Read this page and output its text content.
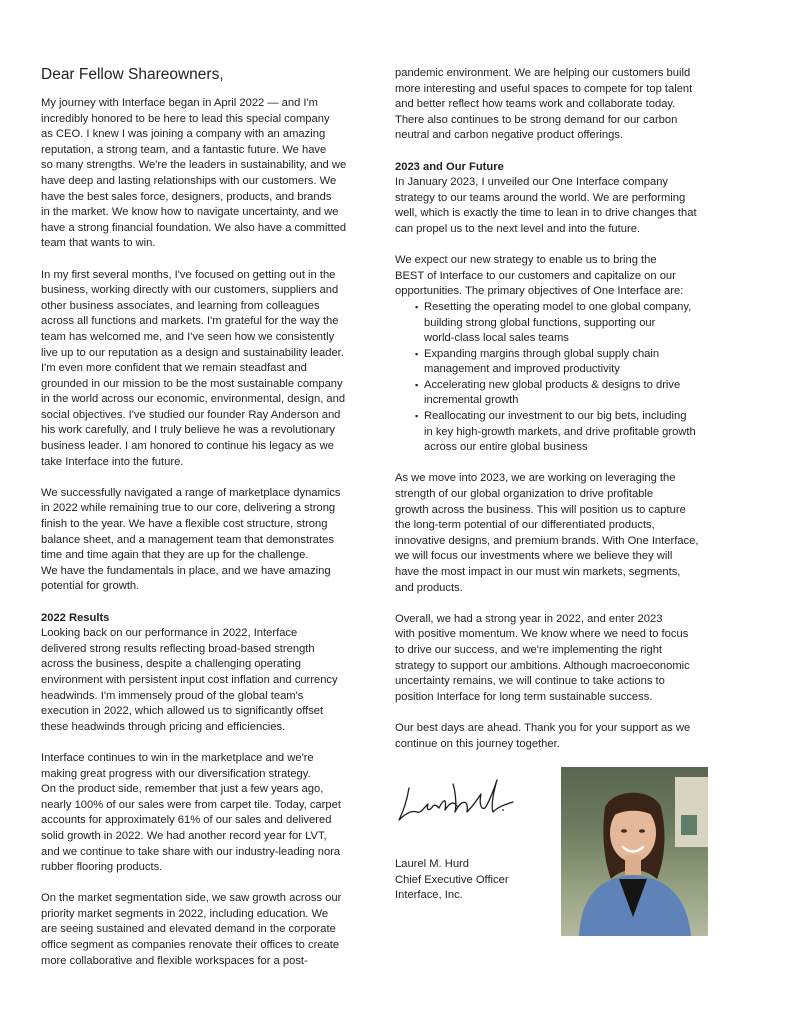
Dear Fellow Shareowners,

My journey with Interface began in April 2022 — and I'm
incredibly honored to be here to lead this special company
as CEO. I knew I was joining a company with an amazing
reputation, a strong team, and a fantastic future. We have
so many strengths. We're the leaders in sustainability, and we
have deep and lasting relationships with our customers. We
have the best sales force, designers, products, and brands
in the market. We know how to navigate uncertainty, and we
have a strong financial foundation. We also have a committed
team that wants to win.

In my first several months, I've focused on getting out in the
business, working directly with our customers, suppliers and
other business associates, and learning from colleagues
across all functions and markets. I'm grateful for the way the
team has welcomed me, and I've seen how we consistently
live up to our reputation as a design and sustainability leader.
I'm even more confident that we remain steadfast and
grounded in our mission to be the most sustainable company
in the world across our economic, environmental, design, and
social objectives. I've studied our founder Ray Anderson and
his work carefully, and I truly believe he was a revolutionary
business leader. I am honored to continue his legacy as we
take Interface into the future.

We successfully navigated a range of marketplace dynamics
in 2022 while remaining true to our core, delivering a strong
finish to the year. We have a flexible cost structure, strong
balance sheet, and a management team that demonstrates
time and time again that they are up for the challenge.
We have the fundamentals in place, and we have amazing
potential for growth.

2022 Results

Looking back on our performance in 2022, Interface
delivered strong results reflecting broad-based strength
across the business, despite a challenging operating
environment with persistent input cost inflation and currency
headwinds. I'm immensely proud of the global team's
execution in 2022, which allowed us to significantly offset
these headwinds through pricing and efficiencies.

Interface continues to win in the marketplace and we're
making great progress with our diversification strategy.
On the product side, remember that just a few years ago,
nearly 100% of our sales were from carpet tile. Today, carpet
accounts for approximately 61% of our sales and delivered
solid growth in 2022. We had another record year for LVT,
and we continue to take share with our industry-leading nora
rubber flooring products.

On the market segmentation side, we saw growth across our
priority market segments in 2022, including education. We
are seeing sustained and elevated demand in the corporate
office segment as companies renovate their offices to create
more collaborative and flexible workspaces for a post-

pandemic environment. We are helping our customers build
more interesting and useful spaces to compete for top talent
and better reflect how teams work and collaborate today.
There also continues to be strong demand for our carbon
neutral and carbon negative product offerings.

2023 and Our Future

In January 2023, I unveiled our One Interface company
strategy to our teams around the world. We are performing
well, which is exactly the time to lean in to drive changes that
can propel us to the next level and into the future.

We expect our new strategy to enable us to bring the
BEST of Interface to our customers and capitalize on our
opportunities. The primary objectives of One Interface are:

▪ Resetting the operating model to one global company,
building strong global functions, supporting our
world-class local sales teams
▪ Expanding margins through global supply chain
management and improved productivity
▪ Accelerating new global products & designs to drive
incremental growth
▪ Reallocating our investment to our big bets, including
in key high-growth markets, and drive profitable growth
across our entire global business

As we move into 2023, we are working on leveraging the
strength of our global organization to drive profitable
growth across the business. This will position us to capture
the long-term potential of our differentiated products,
innovative designs, and premium brands. With One Interface,
we will focus our investments where we believe they will
have the most impact in our must win markets, segments,
and products.

Overall, we had a strong year in 2022, and enter 2023
with positive momentum. We know where we need to focus
to drive our success, and we're implementing the right
strategy to support our ambitions. Although macroeconomic
uncertainty remains, we will continue to take actions to
position Interface for long term sustainable success.

Our best days are ahead. Thank you for your support as we
continue on this journey together.

Laurel M. Hurd
Chief Executive Officer
Interface, Inc.
